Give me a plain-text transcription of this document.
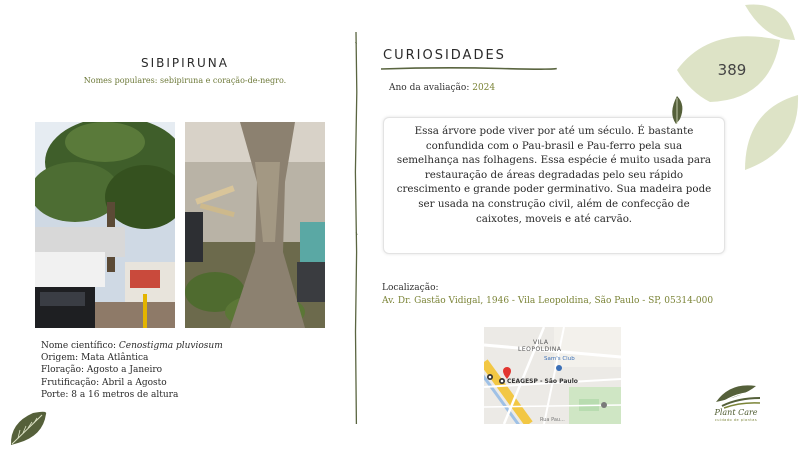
SIBIPIRUNA
Nomes populares: sebipiruna e coração-de-negro.
Nome científico: Cenostigma pluviosum
Origem: Mata Atlântica
Floração: Agosto a Janeiro
Frutificação: Abril a Agosto
Porte: 8 a 16 metros de altura
CURIOSIDADES
Ano da avaliação: 2024
Essa árvore pode viver por até um século. É bastante confundida com o Pau-brasil e Pau-ferro pela sua semelhança nas folhagens. Essa espécie é muito usada para restauração de áreas degradadas pelo seu rápido crescimento e grande poder germinativo. Sua madeira pode ser usada na construção civil, além de confecção de caixotes, moveis e até carvão.
Localização:
Av. Dr. Gastão Vidigal, 1946 - Vila Leopoldina, São Paulo - SP, 05314-000
VILA
LEOPOLDINA
Sam's Club
CEAGESP - São Paulo
Rua Pau...
389
Plant Care
cuidado de plantas
